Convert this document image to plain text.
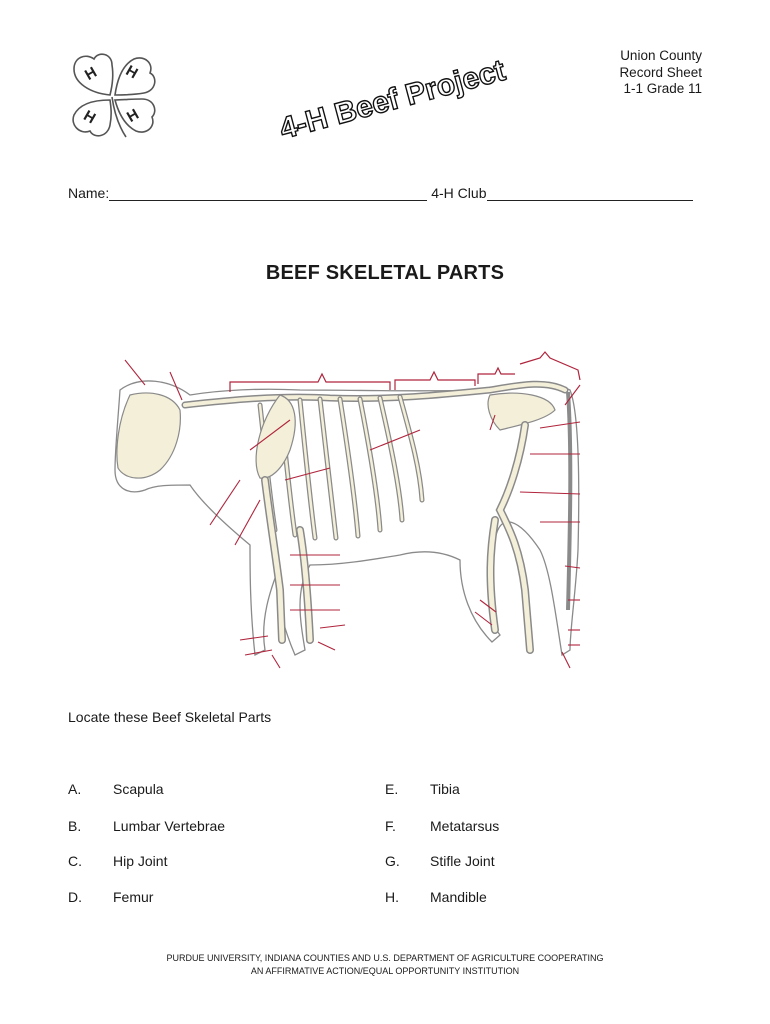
H H
H H	4-H Beef Project	Union County
Record Sheet
1-1 Grade 11
Name:	4-H Club
BEEF SKELETAL PARTS
Locate these Beef Skeletal Parts
A. Scapula
B. Lumbar Vertebrae
C. Hip Joint
D. Femur
E. Tibia
F. Metatarsus
G. Stifle Joint
H. Mandible
PURDUE UNIVERSITY, INDIANA COUNTIES AND U.S. DEPARTMENT OF AGRICULTURE COOPERATING
AN AFFIRMATIVE ACTION/EQUAL OPPORTUNITY INSTITUTION
